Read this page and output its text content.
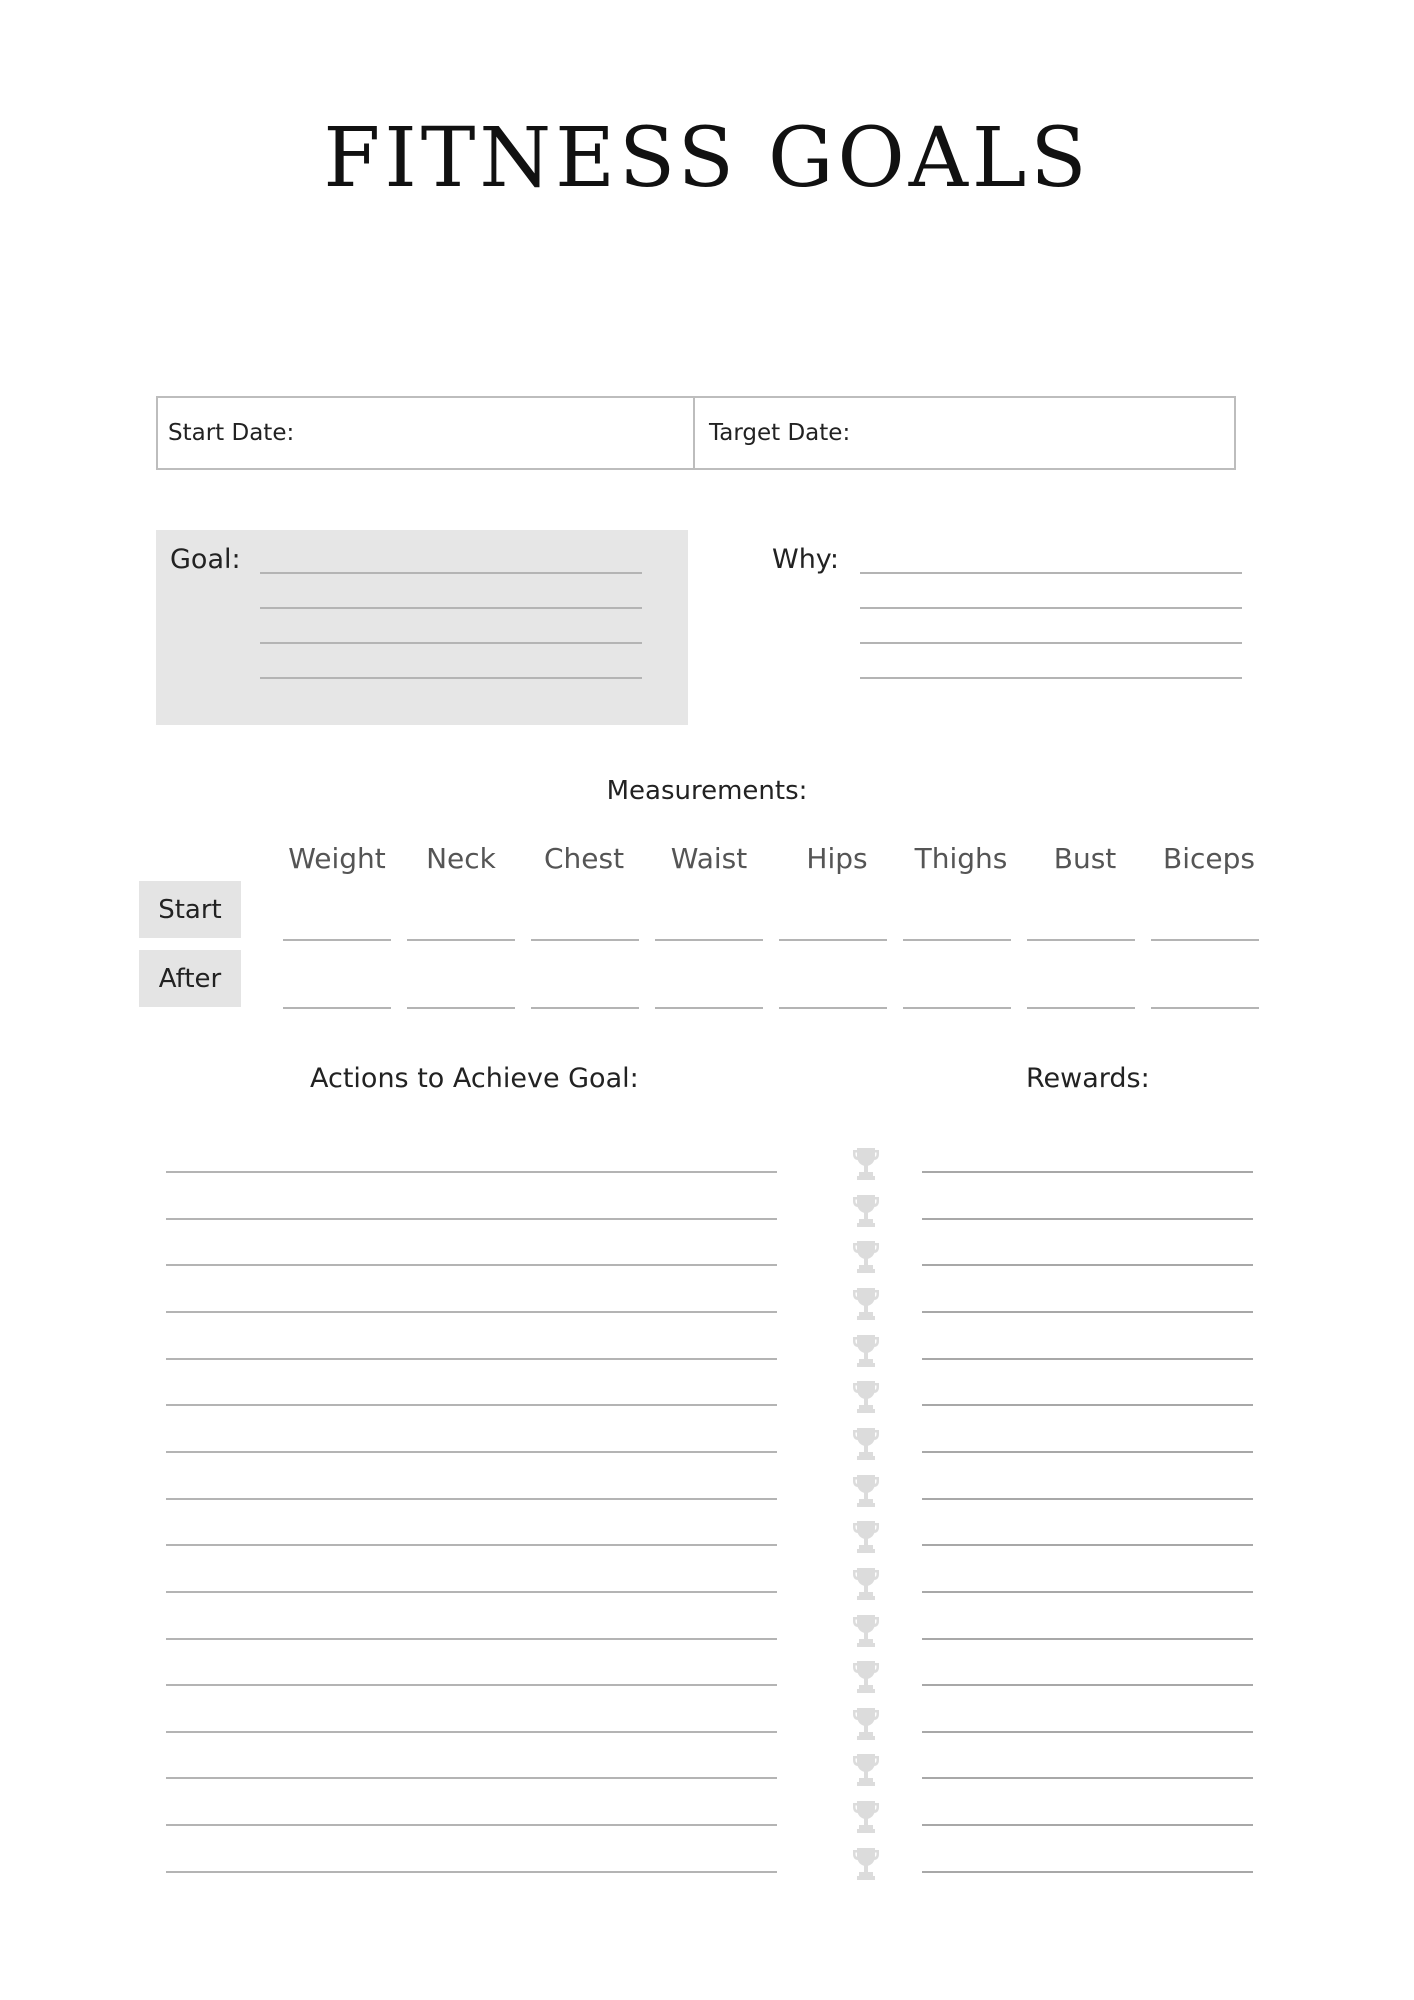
FITNESS GOALS
Start Date:	Target Date:
Goal:	Why:
Measurements:
Weight	Neck	Chest	Waist	Hips	Thighs	Bust	Biceps
Start
After
Actions to Achieve Goal:	Rewards:
